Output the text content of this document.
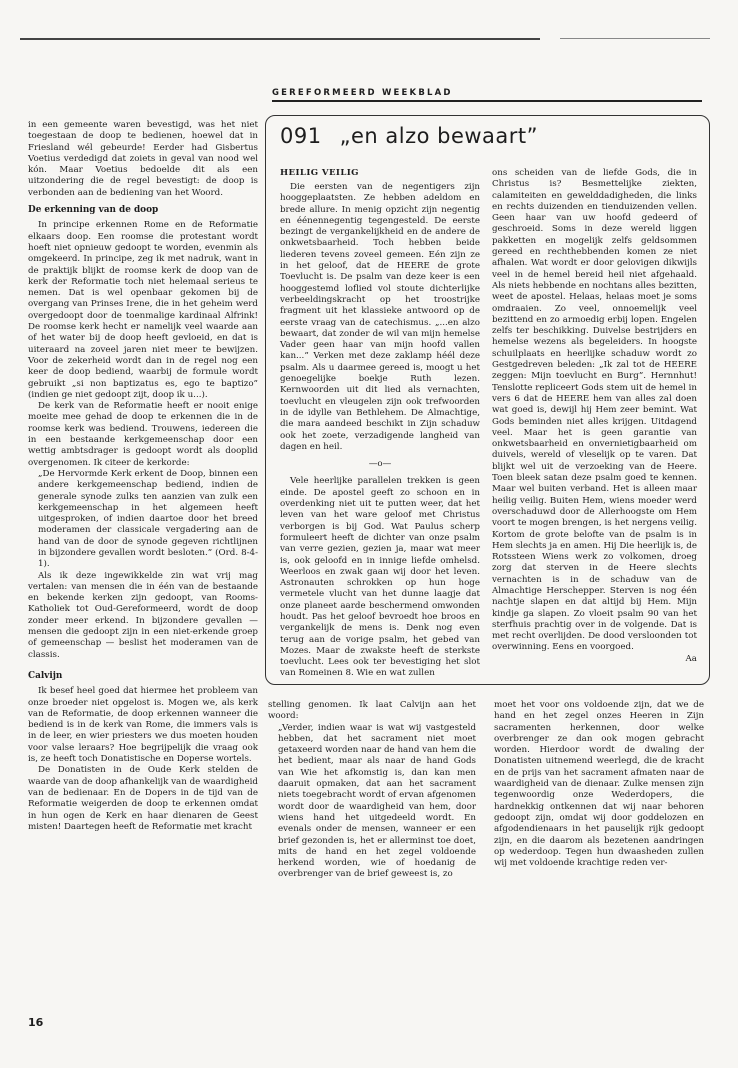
GEREFORMEERD WEEKBLAD

in een gemeente waren bevestigd, was het niet toegestaan de doop te bedienen, hoewel dat in Friesland wél gebeurde! Eerder had Gisbertus Voetius verdedigd dat zoiets in geval van nood wel kón. Maar Voetius bedoelde dit als een uitzondering die de regel bevestigt: de doop is verbonden aan de bediening van het Woord.

De erkenning van de doop

In principe erkennen Rome en de Reformatie elkaars doop. Een roomse die protestant wordt hoeft niet opnieuw gedoopt te worden, evenmin als omgekeerd. In principe, zeg ik met nadruk, want in de praktijk blijkt de roomse kerk de doop van de kerk der Reformatie toch niet helemaal serieus te nemen. Dat is wel openbaar gekomen bij de overgang van Prinses Irene, die in het geheim werd overgedoopt door de toenmalige kardinaal Alfrink! De roomse kerk hecht er namelijk veel waarde aan of het water bij de doop heeft gevloeid, en dat is uiteraard na zoveel jaren niet meer te bewijzen. Voor de zekerheid wordt dan in de regel nog een keer de doop bediend, waarbij de formule wordt gebruikt „si non baptizatus es, ego te baptizo” (indien ge niet gedoopt zijt, doop ik u...).

De kerk van de Reformatie heeft er nooit enige moeite mee gehad de doop te erkennen die in de roomse kerk was bediend. Trouwens, iedereen die in een bestaande kerkgemeenschap door een wettig ambtsdrager is gedoopt wordt als dooplid overgenomen. Ik citeer de kerkorde:

„De Hervormde Kerk erkent de Doop, binnen een andere kerkgemeenschap bediend, indien de generale synode zulks ten aanzien van zulk een kerkgemeenschap in het algemeen heeft uitgesproken, of indien daartoe door het breed moderamen der classicale vergadering aan de hand van de door de synode gegeven richtlijnen in bijzondere gevallen wordt besloten.” (Ord. 8-4-1).

Als ik deze ingewikkelde zin wat vrij mag vertalen: van mensen die in één van de bestaande en bekende kerken zijn gedoopt, van Rooms-Katholiek tot Oud-Gereformeerd, wordt de doop zonder meer erkend. In bijzondere gevallen — mensen die gedoopt zijn in een niet-erkende groep of gemeenschap — beslist het moderamen van de classis.

Calvijn

Ik besef heel goed dat hiermee het probleem van onze broeder niet opgelost is. Mogen we, als kerk van de Reformatie, de doop erkennen wanneer die bediend is in de kerk van Rome, die immers vals is in de leer, en wier priesters we dus moeten houden voor valse leraars? Hoe begrijpelijk die vraag ook is, ze heeft toch Donatistische en Doperse wortels.

De Donatisten in de Oude Kerk stelden de waarde van de doop afhankelijk van de waardigheid van de bedienaar. En de Dopers in de tijd van de Reformatie weigerden de doop te erkennen omdat in hun ogen de Kerk en haar dienaren de Geest misten! Daartegen heeft de Reformatie met kracht

091 „en alzo bewaart”
HEILIG VEILIG

Die eersten van de negentigers zijn hooggeplaatsten. Ze hebben adeldom en brede allure. In menig opzicht zijn negentig en éénennegentig tegengesteld. De eerste bezingt de vergankelijkheid en de andere de onkwetsbaarheid. Toch hebben beide liederen tevens zoveel gemeen. Eén zijn ze in het geloof, dat de HEERE de grote Toevlucht is. De psalm van deze keer is een hooggestemd loflied vol stoute dichterlijke verbeeldingskracht op het troostrijke fragment uit het klassieke antwoord op de eerste vraag van de catechismus. „...en alzo bewaart, dat zonder de wil van mijn hemelse Vader geen haar van mijn hoofd vallen kan...” Verken met deze zaklamp héél deze psalm. Als u daarmee gereed is, moogt u het genoegelijke boekje Ruth lezen. Kernwoorden uit dit lied als vernachten, toevlucht en vleugelen zijn ook trefwoorden in de idylle van Bethlehem. De Almachtige, die mara aandeed beschikt in Zijn schaduw ook het zoete, verzadigende langheid van dagen en heil.

—o—

Vele heerlijke parallelen trekken is geen einde. De apostel geeft zo schoon en in overdenking niet uit te putten weer, dat het leven van het ware geloof met Christus verborgen is bij God. Wat Paulus scherp formuleert heeft de dichter van onze psalm van verre gezien, gezien ja, maar wat meer is, ook geloofd en in innige liefde omhelsd. Weerloos en zwak gaan wij door het leven. Astronauten schrokken op hun hoge vermetele vlucht van het dunne laagje dat onze planeet aarde beschermend omwonden houdt. Pas het geloof bevroedt hoe broos en vergankelijk de mens is. Denk nog even terug aan de vorige psalm, het gebed van Mozes. Maar de zwakste heeft de sterkste toevlucht. Lees ook ter bevestiging het slot van Romeinen 8. Wie en wat zullen

ons scheiden van de liefde Gods, die in Christus is? Besmettelijke ziekten, calamiteiten en gewelddadigheden, die links en rechts duizenden en tienduizenden vellen. Geen haar van uw hoofd gedeerd of geschroeid. Soms in deze wereld liggen pakketten en mogelijk zelfs geldsommen gereed en rechthebbenden komen ze niet afhalen. Wat wordt er door gelovigen dikwijls veel in de hemel bereid heil niet afgehaald. Als niets hebbende en nochtans alles bezitten, weet de apostel. Helaas, helaas moet je soms omdraaien. Zo veel, onnoemelijk veel bezittend en zo armoedig erbij lopen. Engelen zelfs ter beschikking. Duivelse bestrijders en hemelse wezens als begeleiders. In hoogste schuilplaats en heerlijke schaduw wordt zo Gestgedreven beleden: „Ik zal tot de HEERE zeggen: Mijn toevlucht en Burg”. Hernnhut! Tenslotte repliceert Gods stem uit de hemel in vers 6 dat de HEERE hem van alles zal doen wat goed is, dewijl hij Hem zeer bemint. Wat Gods beminden niet alles krijgen. Uitdagend veel. Maar het is geen garantie van onkwetsbaarheid en onvernietigbaarheid om duivels, wereld of vleselijk op te varen. Dat blijkt wel uit de verzoeking van de Heere. Toen bleek satan deze psalm goed te kennen. Maar wel buiten verband. Het is alleen maar heilig veilig. Buiten Hem, wiens moeder werd overschaduwd door de Allerhoogste om Hem voort te mogen brengen, is het nergens veilig. Kortom de grote belofte van de psalm is in Hem slechts ja en amen. Hij Die heerlijk is, de Rotssteen Wiens werk zo volkomen, droeg zorg dat sterven in de Heere slechts vernachten is in de schaduw van de Almachtige Herschepper. Sterven is nog één nachtje slapen en dat altijd bij Hem. Mijn kindje ga slapen. Zo vloeit psalm 90 van het sterfhuis prachtig over in de volgende. Dat is met recht overlijden. De dood versloonden tot overwinning. Eens en voorgoed.

Aa

stelling genomen. Ik laat Calvijn aan het woord:

„Verder, indien waar is wat wij vastgesteld hebben, dat het sacrament niet moet getaxeerd worden naar de hand van hem die het bedient, maar als naar de hand Gods van Wie het afkomstig is, dan kan men daaruit opmaken, dat aan het sacrament niets toegebracht wordt of ervan afgenomen wordt door de waardigheid van hem, door wiens hand het uitgedeeld wordt. En evenals onder de mensen, wanneer er een brief gezonden is, het er allerminst toe doet, mits de hand en het zegel voldoende herkend worden, wie of hoedanig de overbrenger van de brief geweest is, zo

moet het voor ons voldoende zijn, dat we de hand en het zegel onzes Heeren in Zijn sacramenten herkennen, door welke overbrenger ze dan ook mogen gebracht worden. Hierdoor wordt de dwaling der Donatisten uitnemend weerlegd, die de kracht en de prijs van het sacrament afmaten naar de waardigheid van de dienaar. Zulke mensen zijn tegenwoordig onze Wederdopers, die hardnekkig ontkennen dat wij naar behoren gedoopt zijn, omdat wij door goddelozen en afgodendienaars in het pauselijk rijk gedoopt zijn, en die daarom als bezetenen aandringen op wederdoop. Tegen hun dwaasheden zullen wij met voldoende krachtige reden ver-

16
